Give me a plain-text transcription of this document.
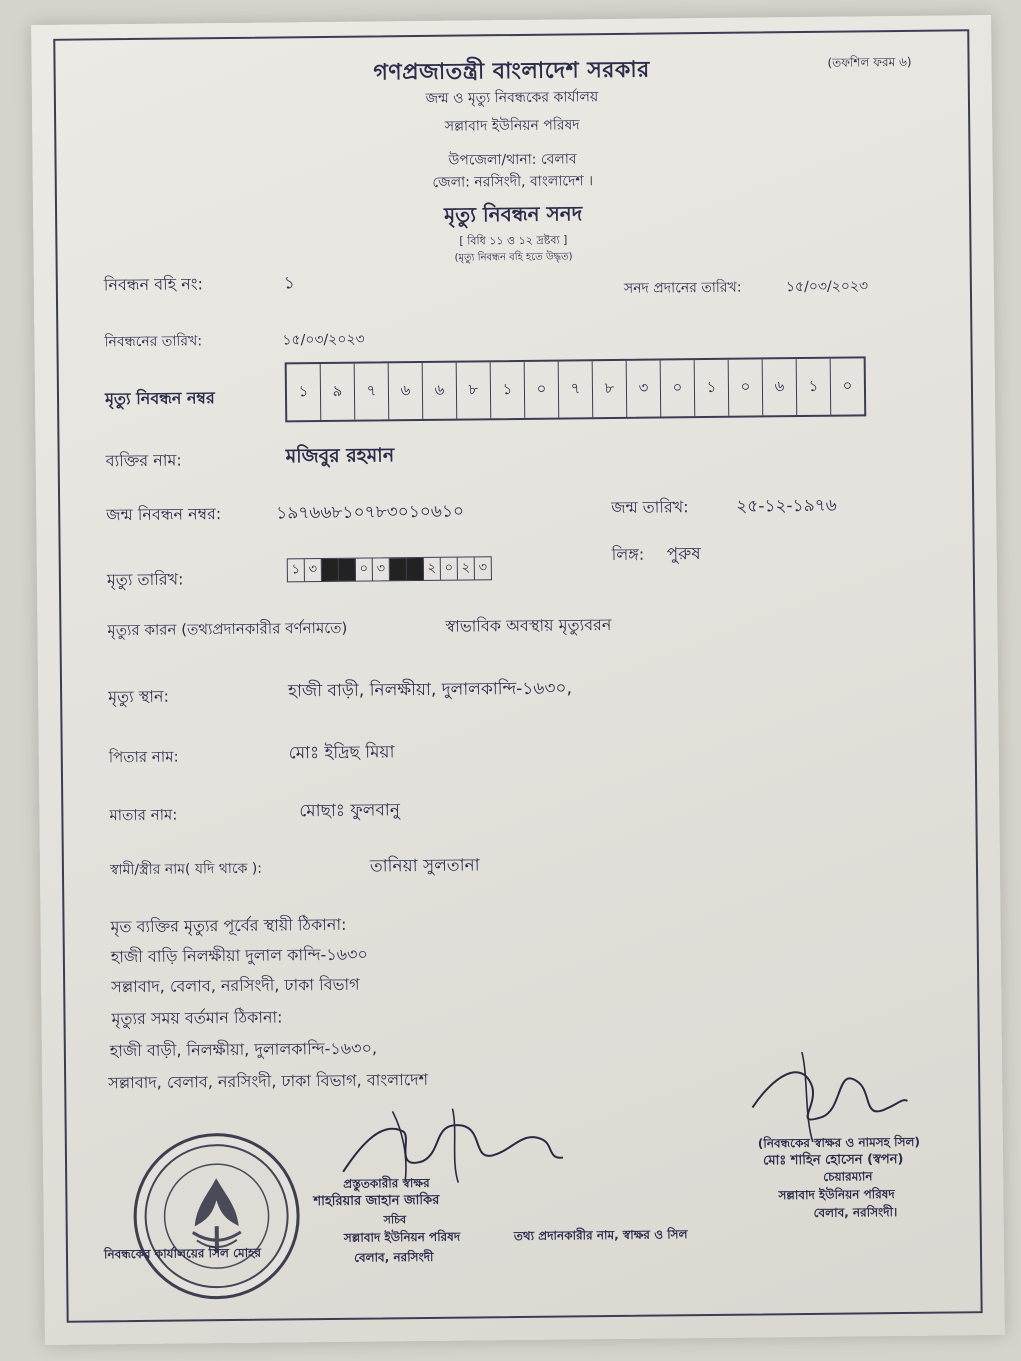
গণপ্রজাতন্ত্রী বাংলাদেশ সরকার	(তফশিল ফরম ৬)
জন্ম ও মৃত্যু নিবন্ধকের কার্যালয়
সল্লাবাদ ইউনিয়ন পরিষদ
উপজেলা/থানা: বেলাব
জেলা: নরসিংদী, বাংলাদেশ ।
মৃত্যু নিবন্ধন সনদ
[ বিধি ১১ ও ১২ দ্রষ্টব্য ]
(মৃত্যু নিবন্ধন বহি হতে উদ্ধৃত)
নিবন্ধন বহি নং:	১	সনদ প্রদানের তারিখ:	১৫/০৩/২০২৩
নিবন্ধনের তারিখ:	১৫/০৩/২০২৩
মৃত্যু নিবন্ধন নম্বর	১	৯	৭	৬	৬	৮	১	০	৭	৮	৩	০	১	০	৬	১	০
ব্যক্তির নাম:	মজিবুর রহমান
জন্ম নিবন্ধন নম্বর:	১৯৭৬৬৮১০৭৮৩০১০৬১০	জন্ম তারিখ:	২৫-১২-১৯৭৬
মৃত্যু তারিখ:
১ ৩	০ ৩	২ ০ ২ ৩
লিঙ্গ: পুরুষ
মৃত্যুর কারন (তথ্যপ্রদানকারীর বর্ণনামতে)	স্বাভাবিক অবস্থায় মৃত্যুবরন
মৃত্যু স্থান:	হাজী বাড়ী, নিলক্ষীয়া, দুলালকান্দি-১৬৩০,
পিতার নাম:	মোঃ ইদ্রিছ মিয়া
মাতার নাম:	মোছাঃ ফুলবানু
স্বামী/স্ত্রীর নাম( যদি থাকে ):	তানিয়া সুলতানা
মৃত ব্যক্তির মৃত্যুর পূর্বের স্থায়ী ঠিকানা:
হাজী বাড়ি নিলক্ষীয়া দুলাল কান্দি-১৬৩০
সল্লাবাদ, বেলাব, নরসিংদী, ঢাকা বিভাগ
মৃত্যুর সময় বর্তমান ঠিকানা:
হাজী বাড়ী, নিলক্ষীয়া, দুলালকান্দি-১৬৩০,
সল্লাবাদ, বেলাব, নরসিংদী, ঢাকা বিভাগ, বাংলাদেশ
প্রস্তুতকারীর স্বাক্ষর
শাহরিয়ার জাহান জাকির
সচিব
সল্লাবাদ ইউনিয়ন পরিষদ
বেলাব, নরসিংদী
তথ্য প্রদানকারীর নাম, স্বাক্ষর ও সিল
নিবন্ধকের কার্যালয়ের সিল মোহর
(নিবন্ধকের স্বাক্ষর ও নামসহ সিল)
মোঃ শাহিন হোসেন (স্বপন)
চেয়ারম্যান
সল্লাবাদ ইউনিয়ন পরিষদ
বেলাব, নরসিংদী।
